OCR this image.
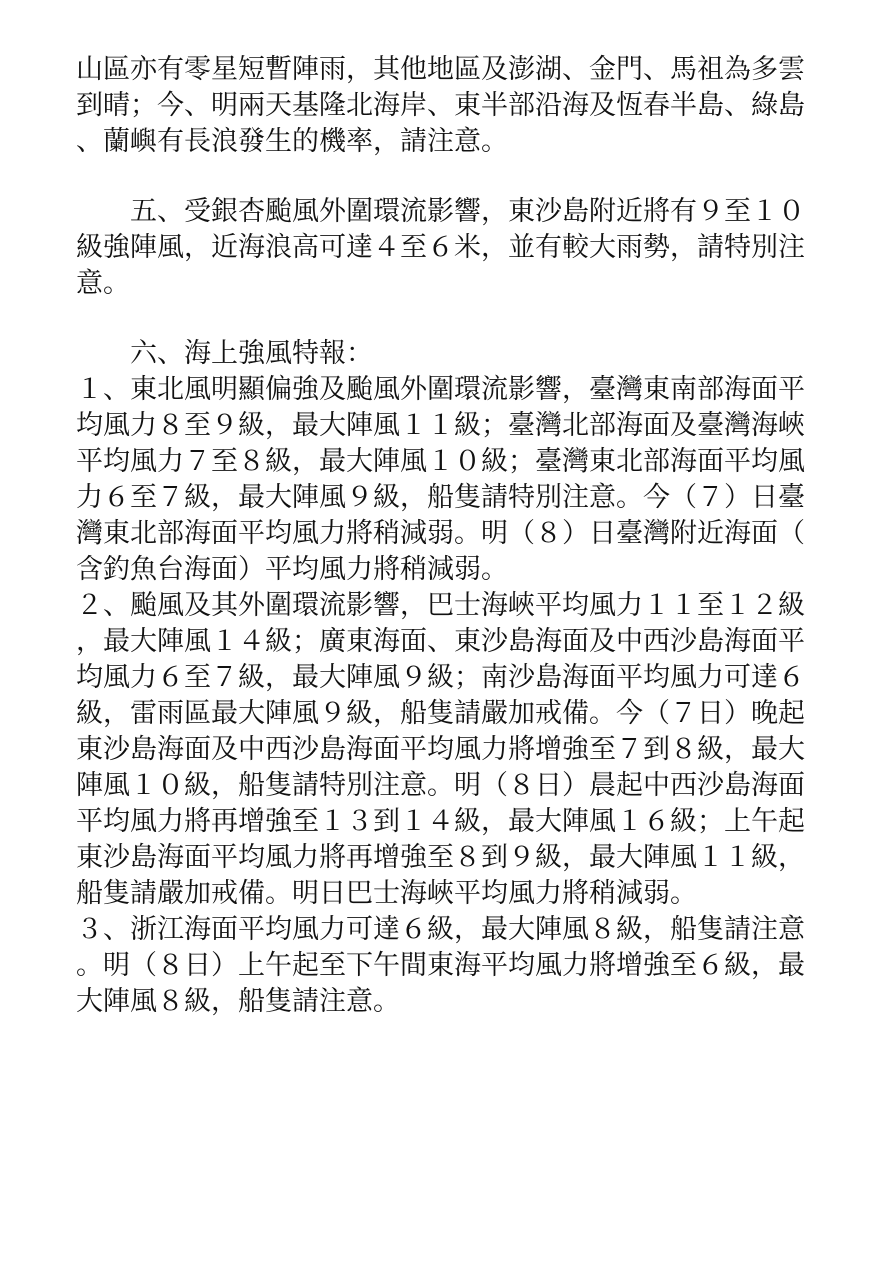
山區亦有零星短暫陣雨，其他地區及澎湖、金門、馬祖為多雲
到晴；今、明兩天基隆北海岸、東半部沿海及恆春半島、綠島
、蘭嶼有長浪發生的機率，請注意。
五、受銀杏颱風外圍環流影響，東沙島附近將有９至１０
級強陣風，近海浪高可達４至６米，並有較大雨勢，請特別注
意。
六、海上強風特報：
１、東北風明顯偏強及颱風外圍環流影響，臺灣東南部海面平
均風力８至９級，最大陣風１１級；臺灣北部海面及臺灣海峽
平均風力７至８級，最大陣風１０級；臺灣東北部海面平均風
力６至７級，最大陣風９級，船隻請特別注意。今（７）日臺
灣東北部海面平均風力將稍減弱。明（８）日臺灣附近海面（
含釣魚台海面）平均風力將稍減弱。
２、颱風及其外圍環流影響，巴士海峽平均風力１１至１２級
，最大陣風１４級；廣東海面、東沙島海面及中西沙島海面平
均風力６至７級，最大陣風９級；南沙島海面平均風力可達６
級，雷雨區最大陣風９級，船隻請嚴加戒備。今（７日）晚起
東沙島海面及中西沙島海面平均風力將增強至７到８級，最大
陣風１０級，船隻請特別注意。明（８日）晨起中西沙島海面
平均風力將再增強至１３到１４級，最大陣風１６級；上午起
東沙島海面平均風力將再增強至８到９級，最大陣風１１級，
船隻請嚴加戒備。明日巴士海峽平均風力將稍減弱。
３、浙江海面平均風力可達６級，最大陣風８級，船隻請注意
。明（８日）上午起至下午間東海平均風力將增強至６級，最
大陣風８級，船隻請注意。
